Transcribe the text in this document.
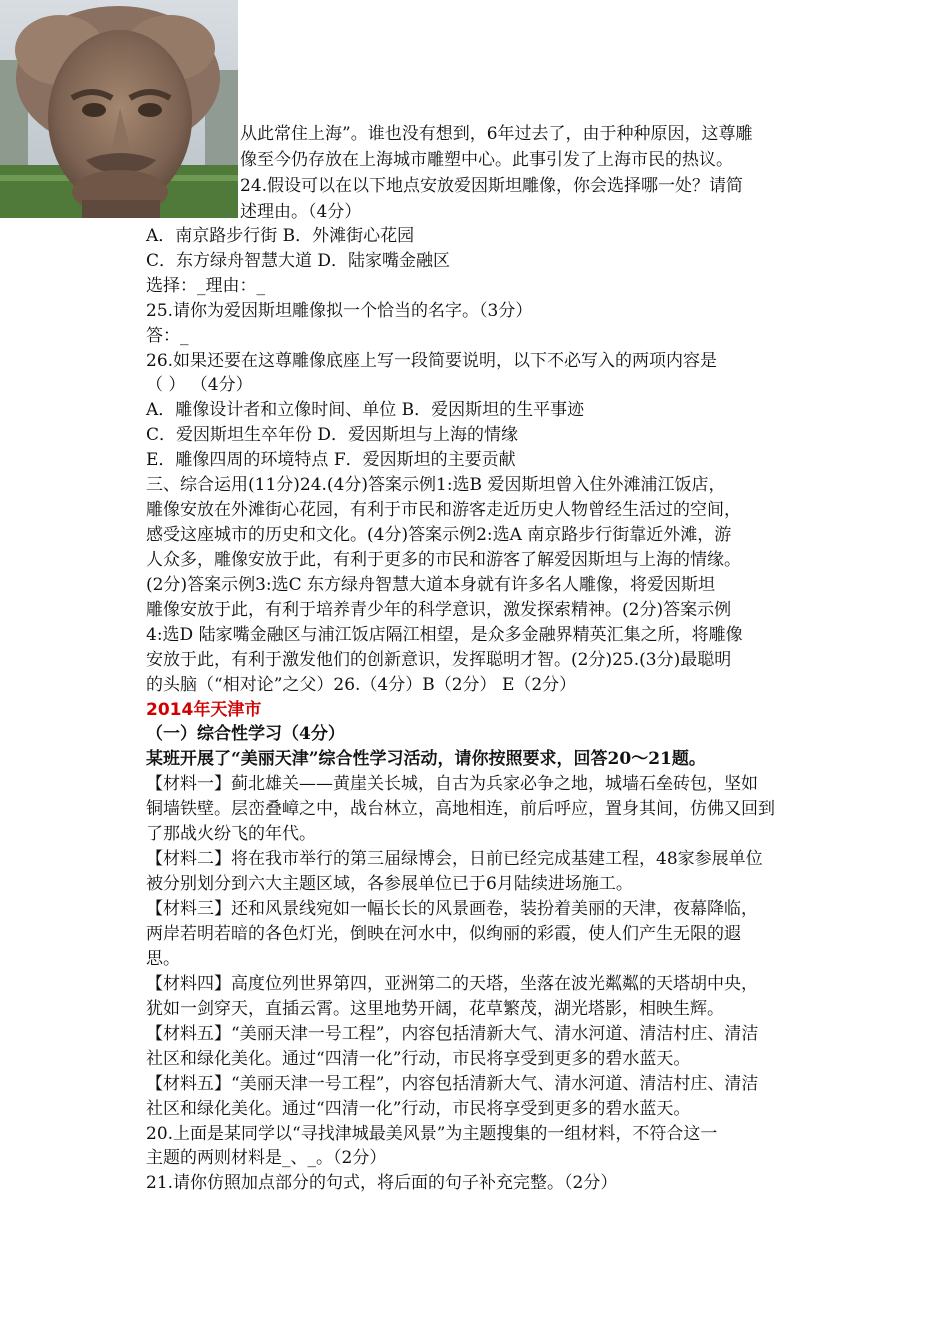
从此常住上海”。谁也没有想到，6年过去了，由于种种原因，这尊雕
像至今仍存放在上海城市雕塑中心。此事引发了上海市民的热议。
24.假设可以在以下地点安放爱因斯坦雕像，你会选择哪一处？请简
述理由。（4分）
A．南京路步行街 B．外滩街心花园
C．东方绿舟智慧大道 D．陆家嘴金融区
选择：_理由：_
25.请你为爱因斯坦雕像拟一个恰当的名字。（3分）
答：_
26.如果还要在这尊雕像底座上写一段简要说明，以下不必写入的两项内容是
（ ） （4分）
A．雕像设计者和立像时间、单位 B．爱因斯坦的生平事迹
C．爱因斯坦生卒年份 D．爱因斯坦与上海的情缘
E．雕像四周的环境特点 F．爱因斯坦的主要贡献
三、综合运用(11分)24.(4分)答案示例1:选B 爱因斯坦曾入住外滩浦江饭店，
雕像安放在外滩街心花园，有利于市民和游客走近历史人物曾经生活过的空间，
感受这座城市的历史和文化。(4分)答案示例2:选A 南京路步行街靠近外滩，游
人众多，雕像安放于此，有利于更多的市民和游客了解爱因斯坦与上海的情缘。
(2分)答案示例3:选C 东方绿舟智慧大道本身就有许多名人雕像，将爱因斯坦
雕像安放于此，有利于培养青少年的科学意识，激发探索精神。(2分)答案示例
4:选D 陆家嘴金融区与浦江饭店隔江相望，是众多金融界精英汇集之所，将雕像
安放于此，有利于激发他们的创新意识，发挥聪明才智。(2分)25.(3分)最聪明
的头脑（“相对论”之父）26.（4分）B（2分） E（2分）
2014年天津市
（一）综合性学习（4分）
某班开展了“美丽天津”综合性学习活动，请你按照要求，回答20～21题。
【材料一】蓟北雄关——黄崖关长城，自古为兵家必争之地，城墙石垒砖包，坚如
铜墙铁壁。层峦叠嶂之中，战台林立，高地相连，前后呼应，置身其间，仿佛又回到
了那战火纷飞的年代。
【材料二】将在我市举行的第三届绿博会，日前已经完成基建工程，48家参展单位
被分别划分到六大主题区域，各参展单位已于6月陆续进场施工。
【材料三】还和风景线宛如一幅长长的风景画卷，装扮着美丽的天津，夜幕降临，
两岸若明若暗的各色灯光，倒映在河水中，似绚丽的彩霞，使人们产生无限的遐
思。
【材料四】高度位列世界第四，亚洲第二的天塔，坐落在波光粼粼的天塔胡中央，
犹如一剑穿天，直插云霄。这里地势开阔，花草繁茂，湖光塔影，相映生辉。
【材料五】“美丽天津一号工程”，内容包括清新大气、清水河道、清洁村庄、清洁
社区和绿化美化。通过“四清一化”行动，市民将享受到更多的碧水蓝天。
【材料五】“美丽天津一号工程”，内容包括清新大气、清水河道、清洁村庄、清洁
社区和绿化美化。通过“四清一化”行动，市民将享受到更多的碧水蓝天。
20.上面是某同学以“寻找津城最美风景”为主题搜集的一组材料，不符合这一
主题的两则材料是_、_。（2分）
21.请你仿照加点部分的句式，将后面的句子补充完整。（2分）
